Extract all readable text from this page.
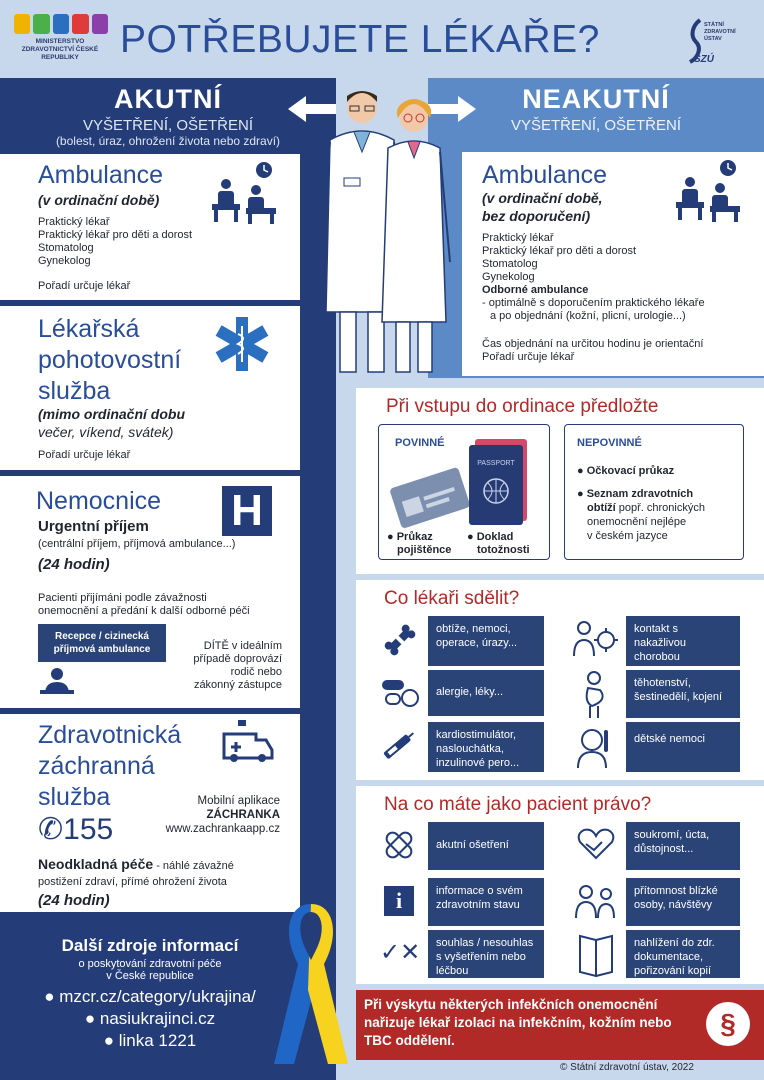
MINISTERSTVO ZDRAVOTNICTVÍ ČESKÉ REPUBLIKY	POTŘEBUJETE LÉKAŘE?	SZÚ
STÁTNÍ ZDRAVOTNÍ ÚSTAV
AKUTNÍ
VYŠETŘENÍ, OŠETŘENÍ
(bolest, úraz, ohrožení života nebo zdraví)
NEAKUTNÍ
VYŠETŘENÍ, OŠETŘENÍ
Ambulance
(v ordinační době)
Praktický lékař
Praktický lékař pro děti a dorost
Stomatolog
Gynekolog
Pořadí určuje lékař
Lékařská
pohotovostní
služba
(mimo ordinační dobu
večer, víkend, svátek)
Pořadí určuje lékař
Nemocnice H
Urgentní příjem
(centrální příjem, příjmová ambulance...)
(24 hodin)
Pacienti přijímáni podle závažnosti
onemocnění a předání k další odborné péči
Recepce / cizinecká příjmová ambulance	DÍTĚ v ideálním
případě doprovází
rodič nebo
zákonný zástupce
Zdravotnická
záchranná
služba
✆155
Mobilní aplikace
ZÁCHRANKA
www.zachrankaapp.cz
Neodkladná péče - náhlé závažné
postižení zdraví, přímé ohrožení života
(24 hodin)
Další zdroje informací
o poskytování zdravotní péče
v České republice
● mzcr.cz/category/ukrajina/
● nasiukrajinci.cz
● linka 1221
Ambulance
(v ordinační době,
bez doporučení)
Praktický lékař
Praktický lékař pro děti a dorost
Stomatolog
Gynekolog
Odborné ambulance
- optimálně s doporučením praktického lékaře
a po objednání (kožní, plicní, urologie...)
Čas objednání na určitou hodinu je orientační
Pořadí určuje lékař
Při vstupu do ordinace předložte
POVINNÉ
PASSPORT
● Průkaz
pojištěnce
● Doklad
totožnosti
NEPOVINNÉ
● Očkovací průkaz
● Seznam zdravotních
obtíží popř. chronických
onemocnění nejlépe
v českém jazyce
Co lékaři sdělit?
obtíže, nemoci, operace, úrazy...
alergie, léky...
kardiostimulátor, naslouchátka, inzulinové pero...
kontakt s nakažlivou chorobou
těhotenství, šestinedělí, kojení
dětské nemoci
Na co máte jako pacient právo?
akutní ošetření
i	informace o svém zdravotním stavu
✓✕	souhlas / nesouhlas s vyšetřením nebo léčbou
soukromí, úcta, důstojnost...
přítomnost blízké osoby, návštěvy
nahlížení do zdr. dokumentace, pořizování kopií
Při výskytu některých infekčních onemocnění nařizuje lékař izolaci na infekčním, kožním nebo TBC oddělení.
§
© Státní zdravotní ústav, 2022
